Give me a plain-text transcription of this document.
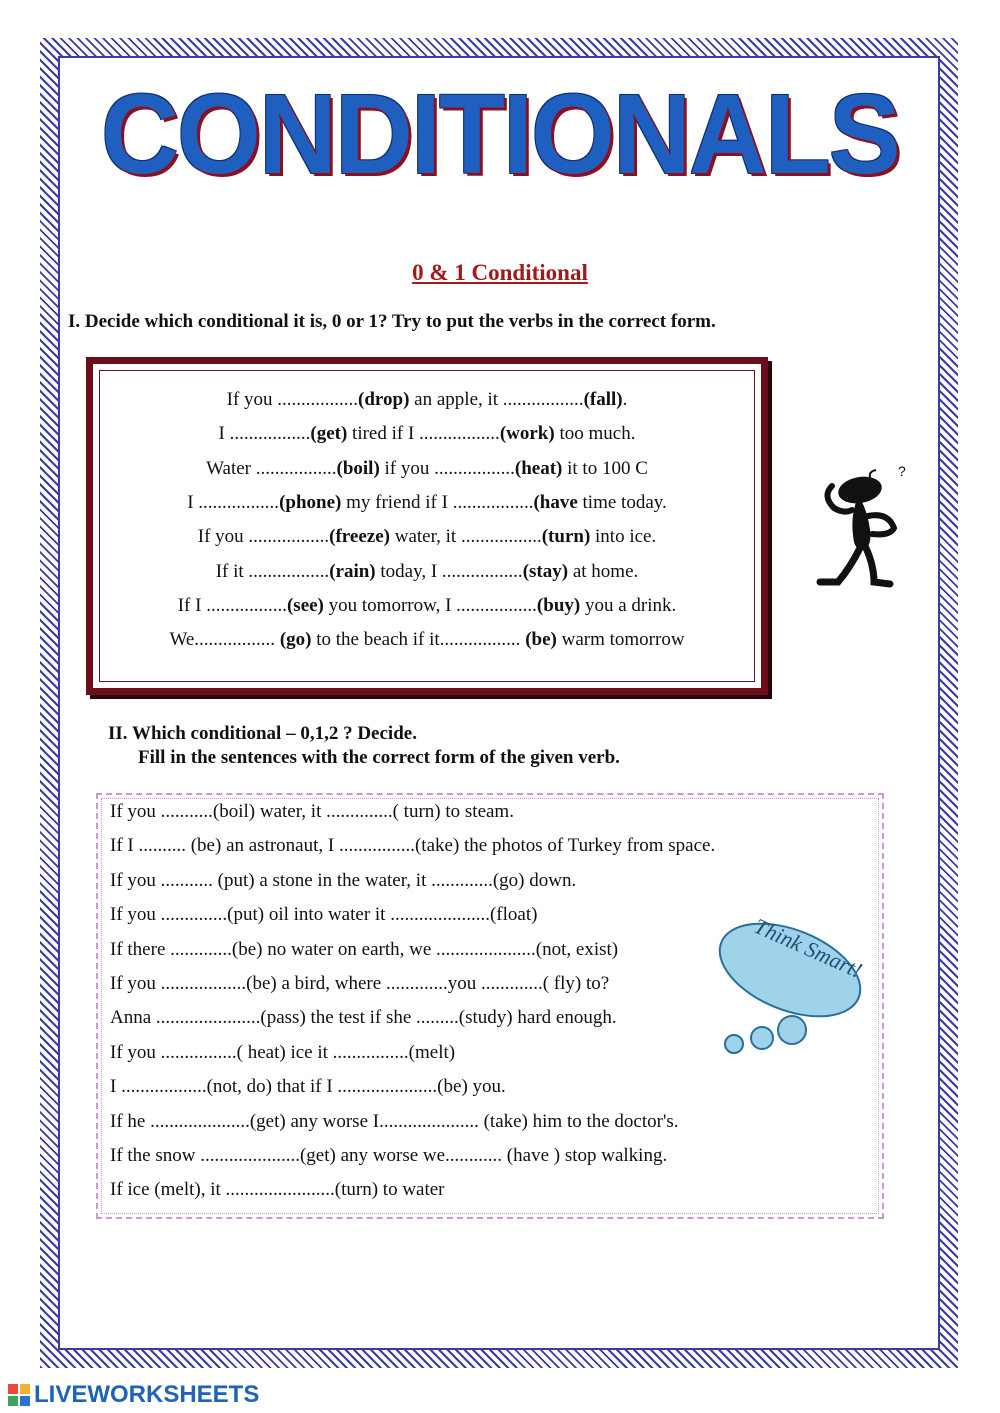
CONDITIONALS
0 & 1 Conditional
I. Decide which conditional it is, 0 or 1? Try to put the verbs in the correct form.
If you .................(drop) an apple, it .................(fall).
I .................(get) tired if I .................(work) too much.
Water .................(boil) if you .................(heat) it to 100 C
I .................(phone) my friend if I .................(have time today.
If you .................(freeze) water, it .................(turn) into ice.
If it .................(rain) today, I .................(stay) at home.
If I .................(see) you tomorrow, I .................(buy) you a drink.
We................. (go) to the beach if it................. (be) warm tomorrow
II. Which conditional – 0,1,2 ? Decide.
Fill in the sentences with the correct form of the given verb.
If you ...........(boil) water, it ..............( turn) to steam.
If I .......... (be) an astronaut, I ................(take) the photos of Turkey from space.
If you ........... (put) a stone in the water, it .............(go) down.
If you ..............(put) oil into water it .....................(float)
If there .............(be) no water on earth, we .....................(not, exist)
If you ..................(be) a bird, where .............you .............( fly) to?
Anna ......................(pass) the test if she .........(study) hard enough.
If you ................( heat) ice it ................(melt)
I ..................(not, do) that if I .....................(be) you.
If he .....................(get) any worse I..................... (take) him to the doctor's.
If the snow .....................(get) any worse we............ (have ) stop walking.
If ice (melt), it .......................(turn) to water
?
Think Smart!
LIVEWORKSHEETS
